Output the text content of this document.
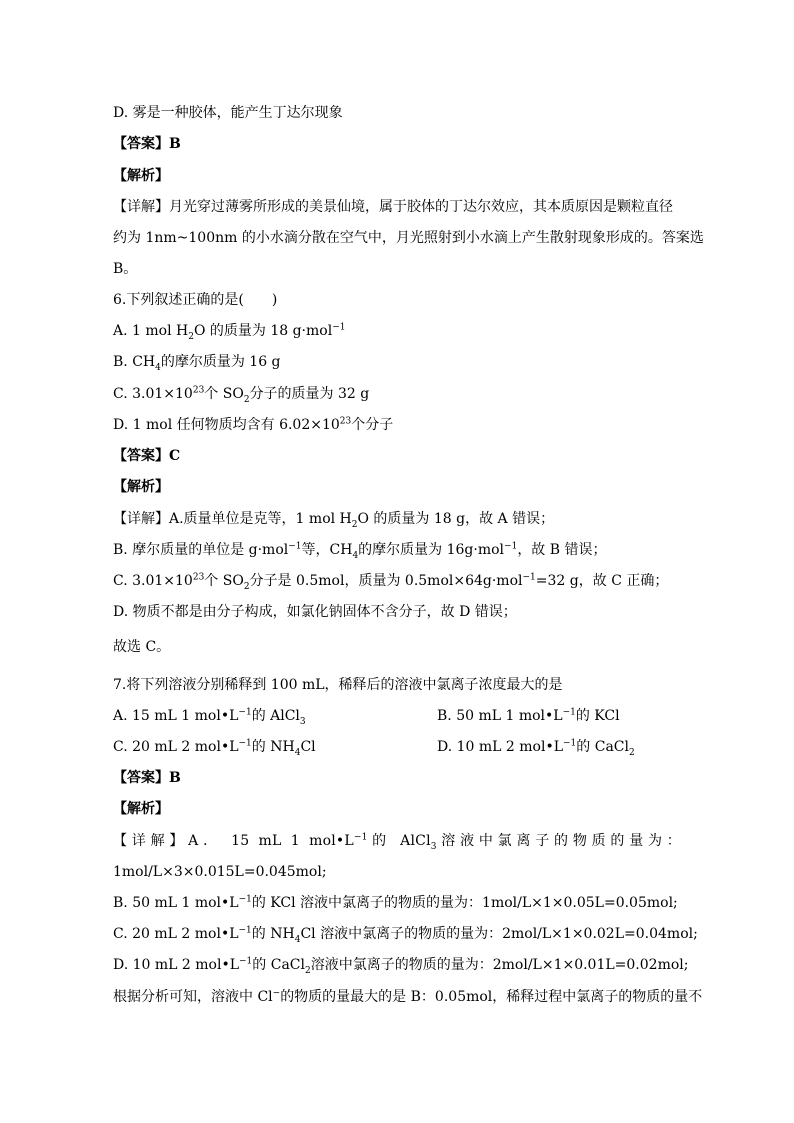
D. 雾是一种胶体，能产生丁达尔现象
【答案】B
【解析】
【详解】月光穿过薄雾所形成的美景仙境，属于胶体的丁达尔效应，其本质原因是颗粒直径
约为 1nm~100nm 的小水滴分散在空气中，月光照射到小水滴上产生散射现象形成的。答案选
B。
6.下列叙述正确的是(　　)
A. 1 mol $H_2O$ 的质量为 18 g·mol$^{-1}$
B. $CH_4$的摩尔质量为 16 g
C. $3.01\times 10^{23}$个 $SO_2$分子的质量为 32 g
D. 1 mol 任何物质均含有 $6.02\times 10^{23}$个分子
【答案】C
【解析】
【详解】A.质量单位是克等，1 mol $H_2O$ 的质量为 18 g，故 A 错误；
B. 摩尔质量的单位是 g·mol$^{-1}$等，$CH_4$的摩尔质量为 16g·mol$^{-1}$，故 B 错误；
C. $3.01\times 10^{23}$个 $SO_2$分子是 0.5mol，质量为 0.5mol×64g·mol$^{-1}$=32 g，故 C 正确；
D. 物质不都是由分子构成，如氯化钠固体不含分子，故 D 错误；
故选 C。
7.将下列溶液分别稀释到 100 mL，稀释后的溶液中氯离子浓度最大的是
A. 15 mL 1 $mol•L^{-1}$的 AlCl$_3$	B. 50 mL 1 $mol•L^{-1}$的 KCl
C. 20 mL 2 $mol•L^{-1}$的 $NH_4Cl$	D. 10 mL 2 $mol•L^{-1}$的 CaCl$_2$
【答案】B
【解析】
【详解】A． 15 mL 1 $mol•L^{-1}$的 AlCl$_3$溶液中氯离子的物质的量为：
1mol/L×3×0.015L=0.045mol;
B. 50 mL 1 $mol•L^{-1}$的 KCl 溶液中氯离子的物质的量为：1mol/L×1×0.05L=0.05mol;
C. 20 mL 2 $mol•L^{-1}$的 $NH_4Cl$ 溶液中氯离子的物质的量为：2mol/L×1×0.02L=0.04mol;
D. 10 mL 2 $mol•L^{-1}$的 CaCl$_2$溶液中氯离子的物质的量为：2mol/L×1×0.01L=0.02mol;
根据分析可知，溶液中 Cl−的物质的量最大的是 B：0.05mol，稀释过程中氯离子的物质的量不
